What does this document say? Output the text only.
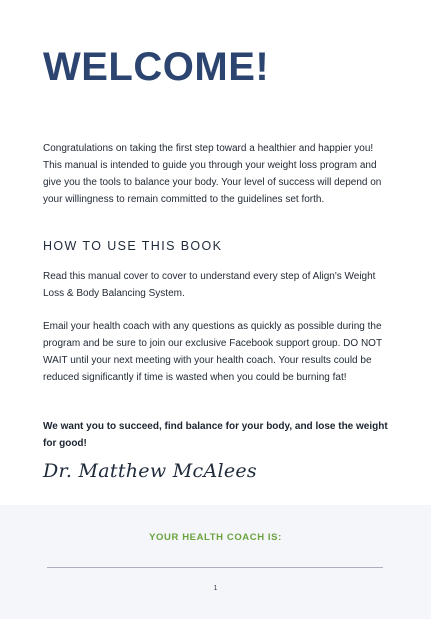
WELCOME!

Congratulations on taking the first step toward a healthier and happier you! This manual is intended to guide you through your weight loss program and give you the tools to balance your body. Your level of success will depend on your willingness to remain committed to the guidelines set forth.

HOW TO USE THIS BOOK

Read this manual cover to cover to understand every step of Align's Weight Loss & Body Balancing System.

Email your health coach with any questions as quickly as possible during the program and be sure to join our exclusive Facebook support group. DO NOT WAIT until your next meeting with your health coach. Your results could be reduced significantly if time is wasted when you could be burning fat!

We want you to succeed, find balance for your body, and lose the weight for good!

Dr. Matthew McAlees
YOUR HEALTH COACH IS:
1
